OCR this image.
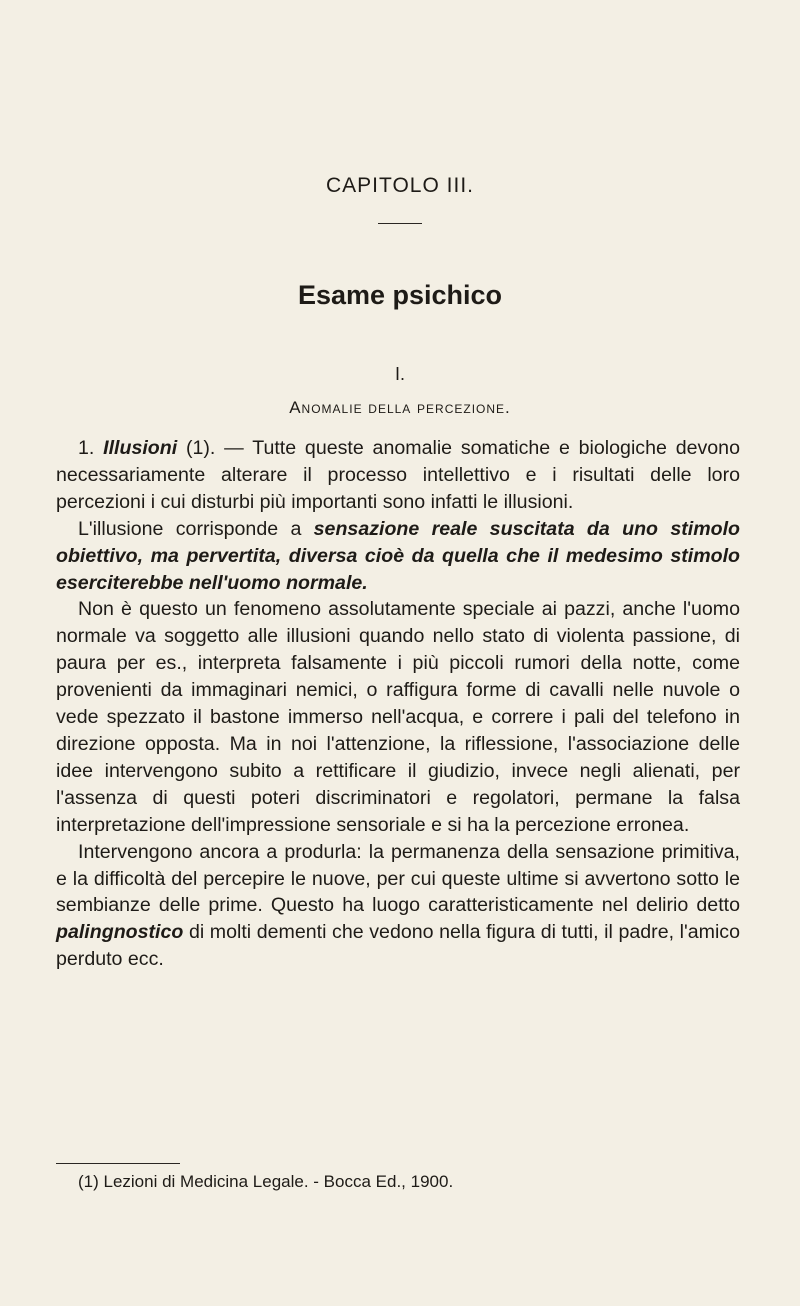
CAPITOLO III.
Esame psichico
I.
Anomalie della percezione.

1. Illusioni (1). — Tutte queste anomalie somatiche e biologiche devono necessariamente alterare il processo intellettivo e i risultati delle loro percezioni i cui disturbi più importanti sono infatti le illusioni.

L'illusione corrisponde a sensazione reale suscitata da uno stimolo obiettivo, ma pervertita, diversa cioè da quella che il medesimo stimolo eserciterebbe nell'uomo normale.

Non è questo un fenomeno assolutamente speciale ai pazzi, anche l'uomo normale va soggetto alle illusioni quando nello stato di violenta passione, di paura per es., interpreta falsamente i più piccoli rumori della notte, come provenienti da immaginari nemici, o raffigura forme di cavalli nelle nuvole o vede spezzato il bastone immerso nell'acqua, e correre i pali del telefono in direzione opposta. Ma in noi l'attenzione, la riflessione, l'associazione delle idee intervengono subito a rettificare il giudizio, invece negli alienati, per l'assenza di questi poteri discriminatori e regolatori, permane la falsa interpretazione dell'impressione sensoriale e si ha la percezione erronea.

Intervengono ancora a produrla: la permanenza della sensazione primitiva, e la difficoltà del percepire le nuove, per cui queste ultime si avvertono sotto le sembianze delle prime. Questo ha luogo caratteristicamente nel delirio detto palingnostico di molti dementi che vedono nella figura di tutti, il padre, l'amico perduto ecc.

(1) Lezioni di Medicina Legale. - Bocca Ed., 1900.
